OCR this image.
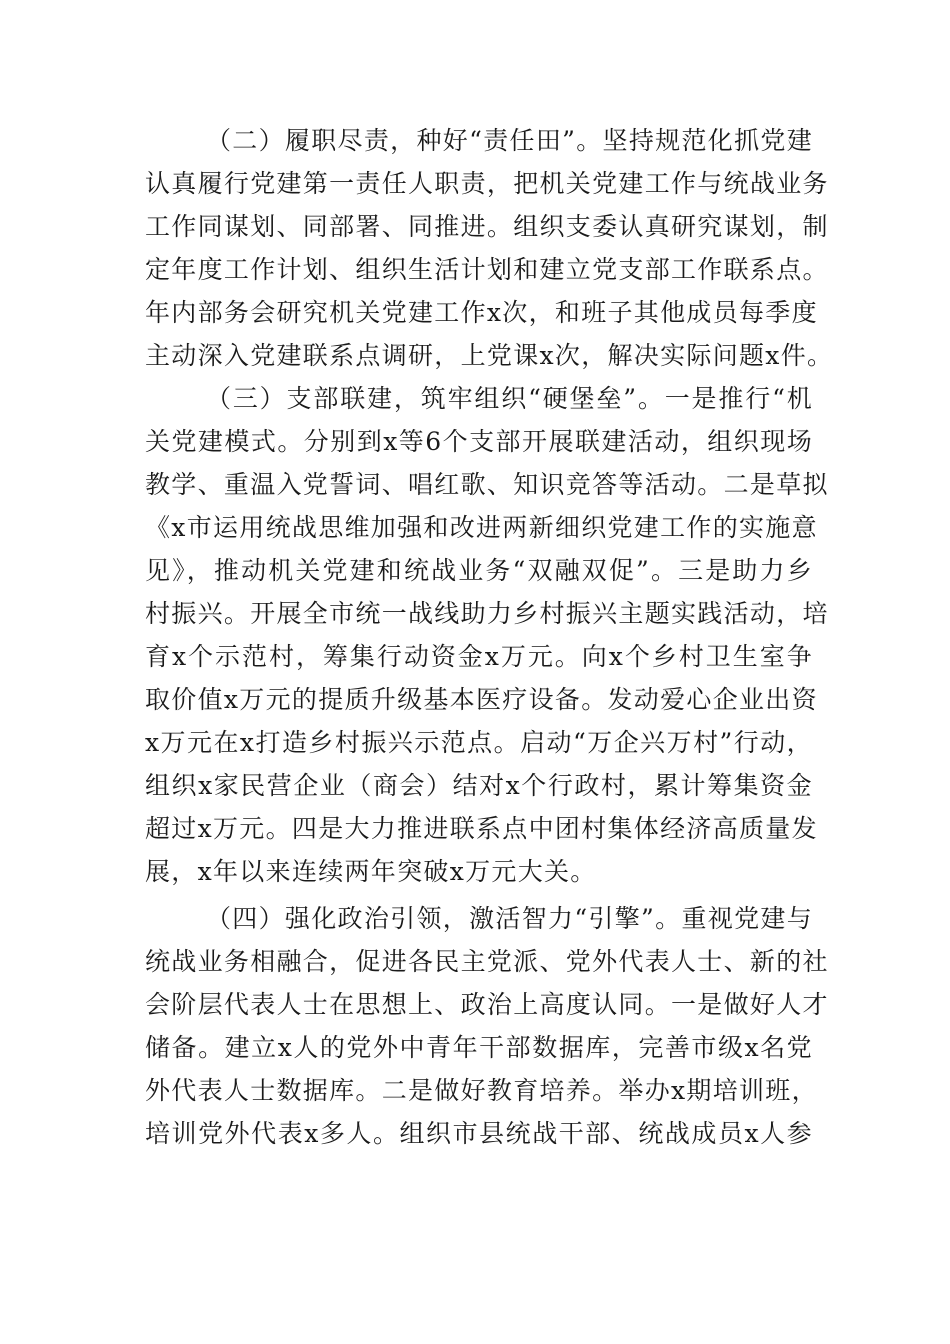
（二）履职尽责，种好“责任田”。坚持规范化抓党建
认真履行党建第一责任人职责，把机关党建工作与统战业务
工作同谋划、同部署、同推进。组织支委认真研究谋划，制
定年度工作计划、组织生活计划和建立党支部工作联系点。
年内部务会研究机关党建工作x次，和班子其他成员每季度
主动深入党建联系点调研，上党课x次，解决实际问题x件。
（三）支部联建，筑牢组织“硬堡垒”。一是推行“机
关党建模式。分别到x等6个支部开展联建活动，组织现场
教学、重温入党誓词、唱红歌、知识竞答等活动。二是草拟
《x市运用统战思维加强和改进两新细织党建工作的实施意
见》，推动机关党建和统战业务“双融双促”。三是助力乡
村振兴。开展全市统一战线助力乡村振兴主题实践活动，培
育x个示范村，筹集行动资金x万元。向x个乡村卫生室争
取价值x万元的提质升级基本医疗设备。发动爱心企业出资
x万元在x打造乡村振兴示范点。启动“万企兴万村”行动，
组织x家民营企业（商会）结对x个行政村，累计筹集资金
超过x万元。四是大力推进联系点中团村集体经济高质量发
展，x年以来连续两年突破x万元大关。
（四）强化政治引领，激活智力“引擎”。重视党建与
统战业务相融合，促进各民主党派、党外代表人士、新的社
会阶层代表人士在思想上、政治上高度认同。一是做好人才
储备。建立x人的党外中青年干部数据库，完善市级x名党
外代表人士数据库。二是做好教育培养。举办x期培训班，
培训党外代表x多人。组织市县统战干部、统战成员x人参
